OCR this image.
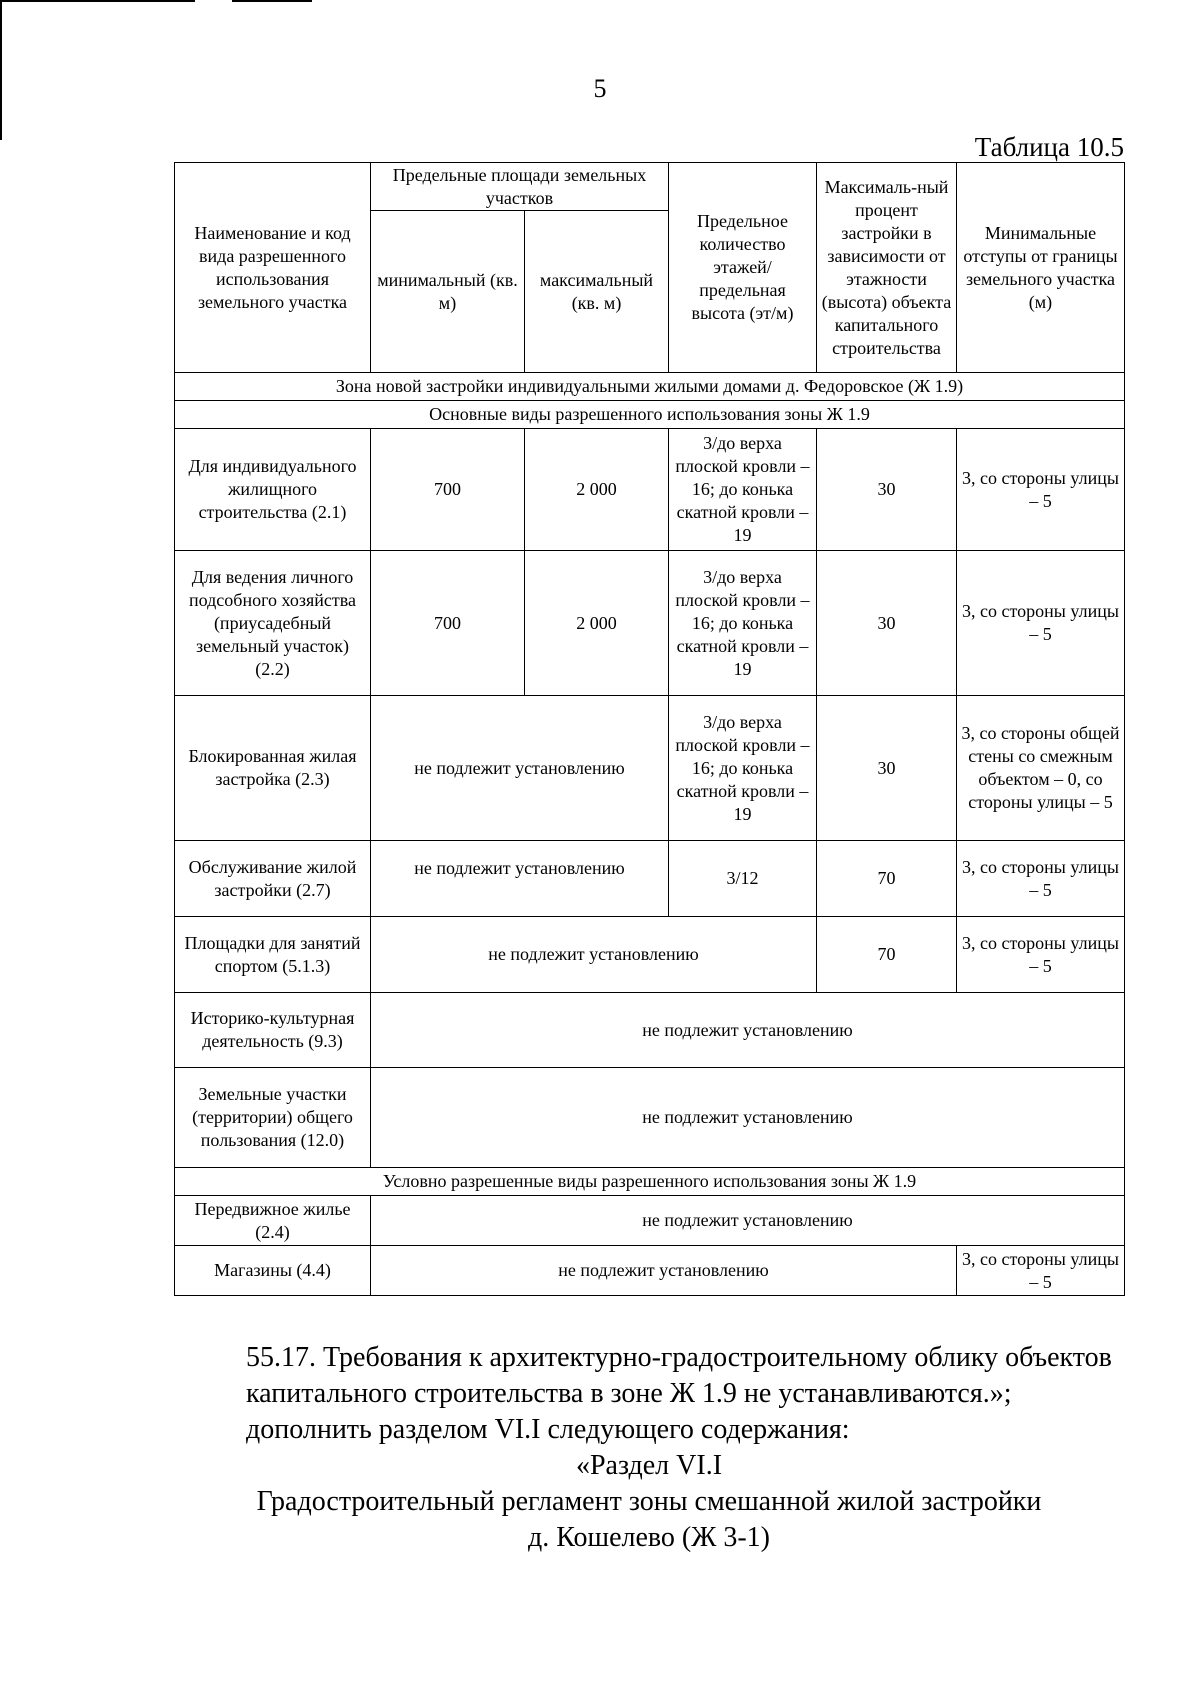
5
Таблица 10.5
Наименование и код вида разрешенного использования земельного участка	Предельные площади земельных участков		Предельное количество этажей/ предельная высота (эт/м)	Максималь-ный процент застройки в зависимости от этажности (высота) объекта капитального строительства	Минимальные отступы от границы земельного участка (м)
	минимальный (кв. м)	максимальный (кв. м)			
Зона новой застройки индивидуальными жилыми домами д. Федоровское (Ж 1.9)					
Основные виды разрешенного использования зоны Ж 1.9					
Для индивидуального жилищного строительства (2.1)	700	2 000	3/до верха плоской кровли – 16; до конька скатной кровли – 19	30	3, со стороны улицы – 5
Для ведения личного подсобного хозяйства (приусадебный земельный участок) (2.2)	700	2 000	3/до верха плоской кровли – 16; до конька скатной кровли – 19	30	3, со стороны улицы – 5
Блокированная жилая застройка (2.3)	не подлежит установлению		3/до верха плоской кровли – 16; до конька скатной кровли – 19	30	3, со стороны общей стены со смежным объектом – 0, со стороны улицы – 5
Обслуживание жилой застройки (2.7)	не подлежит установлению		3/12	70	3, со стороны улицы – 5
Площадки для занятий спортом (5.1.3)	не подлежит установлению			70	3, со стороны улицы – 5
Историко-культурная деятельность (9.3)	не подлежит установлению				
Земельные участки (территории) общего пользования (12.0)	не подлежит установлению				
Условно разрешенные виды разрешенного использования зоны Ж 1.9					
Передвижное жилье (2.4)	не подлежит установлению				
Магазины (4.4)	не подлежит установлению				3, со стороны улицы – 5

55.17. Требования к архитектурно-градостроительному облику объектов капитального строительства в зоне Ж 1.9 не устанавливаются.»;

дополнить разделом VI.I следующего содержания:

«Раздел VI.I

Градостроительный регламент зоны смешанной жилой застройки

д. Кошелево (Ж 3-1)
